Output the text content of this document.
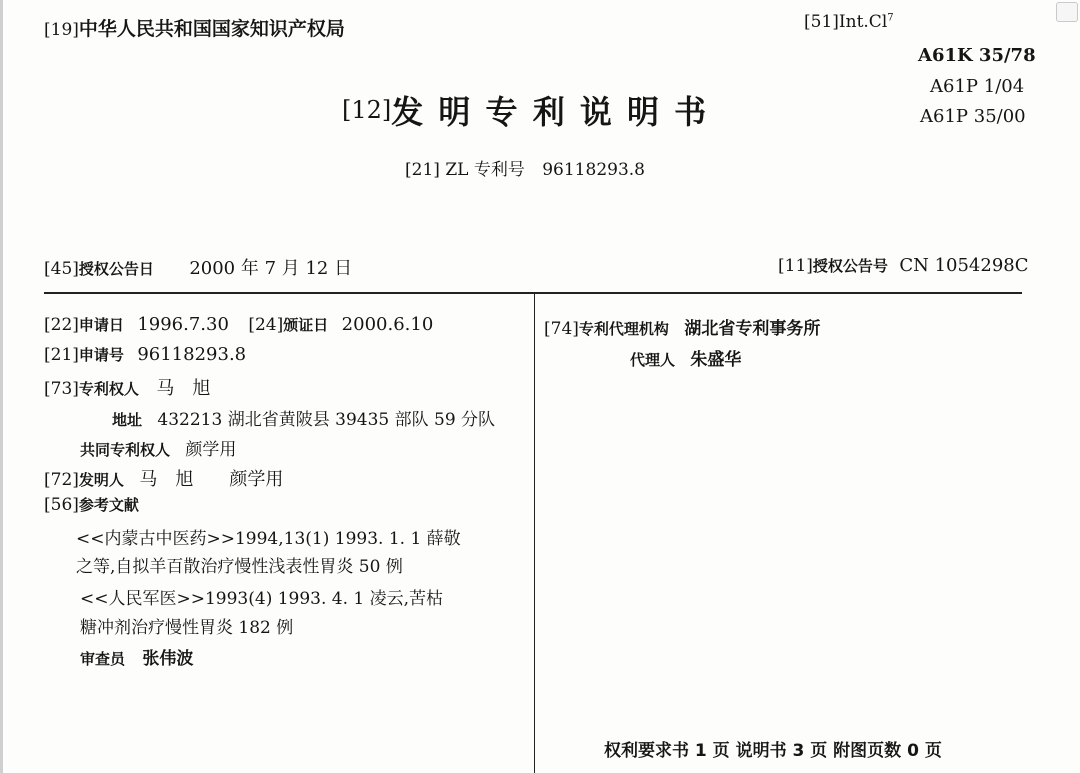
[19]中华人民共和国国家知识产权局	[51]Int.Cl$^7$
A61K 35/78
A61P 1/04
A61P 35/00
[12]发 明 专 利 说 明 书
[21] ZL 专利号 96118293.8
[45]授权公告日 2000 年 7 月 12 日	[11]授权公告号 CN 1054298C
[22]申请日 1996.7.30 [24]颁证日 2000.6.10
[21]申请号 96118293.8
[73]专利权人 马　旭
地址 432213 湖北省黄陂县 39435 部队 59 分队
共同专利权人 颜学用
[72]发明人 马　旭　　颜学用
[56]参考文献
<<内蒙古中医药>>1994,13(1) 1993. 1. 1 薛敬
之等,自拟羊百散治疗慢性浅表性胃炎 50 例
<<人民军医>>1993(4) 1993. 4. 1 凌云,苦枯
糖冲剂治疗慢性胃炎 182 例
审查员 张伟波
[74]专利代理机构 湖北省专利事务所
代理人 朱盛华
权利要求书 1 页 说明书 3 页 附图页数 0 页
